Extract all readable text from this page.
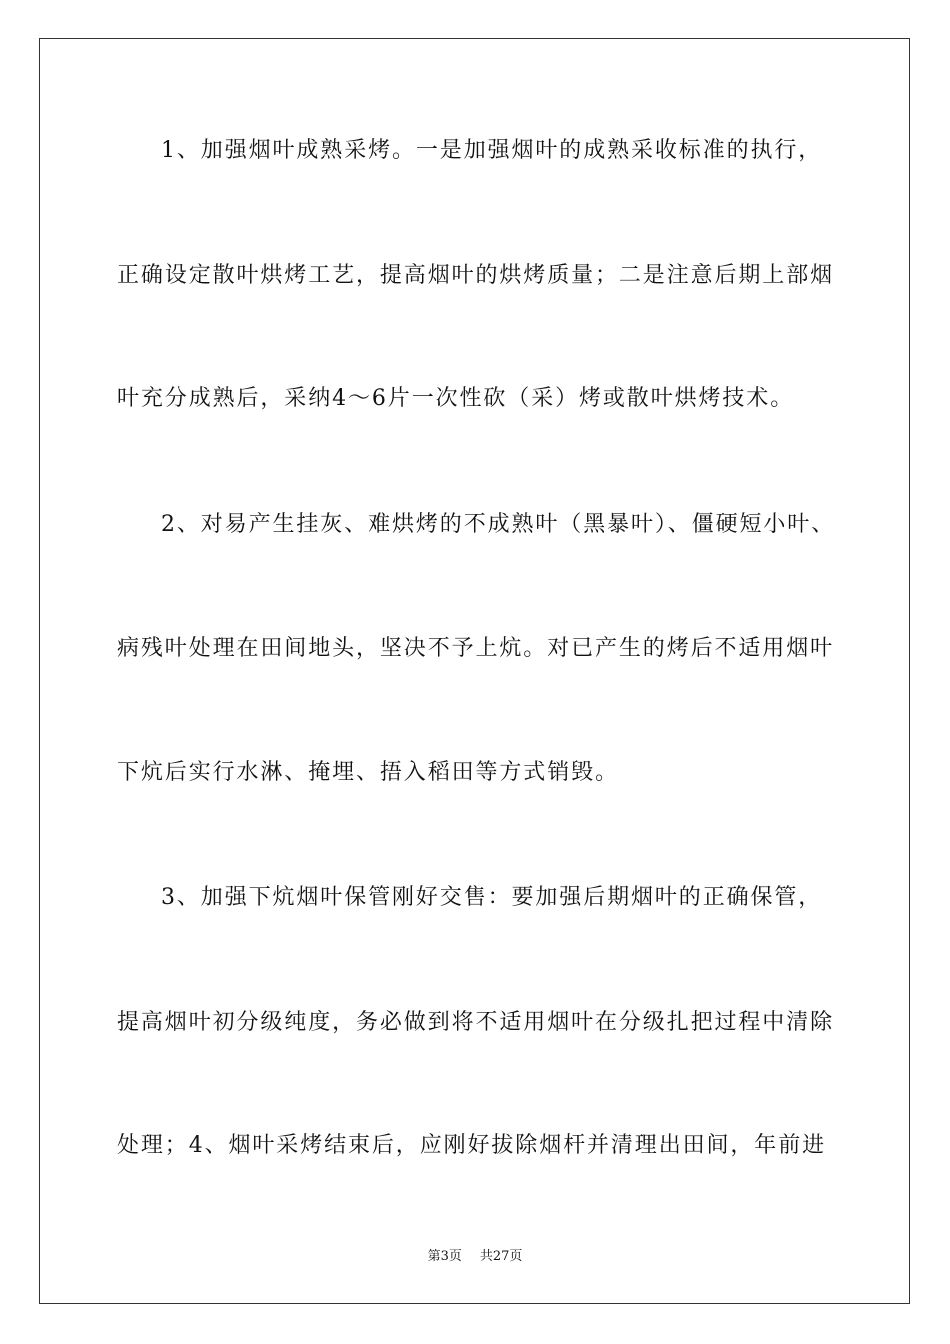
1、加强烟叶成熟采烤。一是加强烟叶的成熟采收标准的执行，
正确设定散叶烘烤工艺，提高烟叶的烘烤质量；二是注意后期上部烟
叶充分成熟后，采纳4～6片一次性砍（采）烤或散叶烘烤技术。
2、对易产生挂灰、难烘烤的不成熟叶（黑暴叶）、僵硬短小叶、
病残叶处理在田间地头，坚决不予上炕。对已产生的烤后不适用烟叶
下炕后实行水淋、掩埋、捂入稻田等方式销毁。
3、加强下炕烟叶保管刚好交售：要加强后期烟叶的正确保管，
提高烟叶初分级纯度，务必做到将不适用烟叶在分级扎把过程中清除
处理；4、烟叶采烤结束后，应刚好拔除烟杆并清理出田间，年前进
第3页 共27页
